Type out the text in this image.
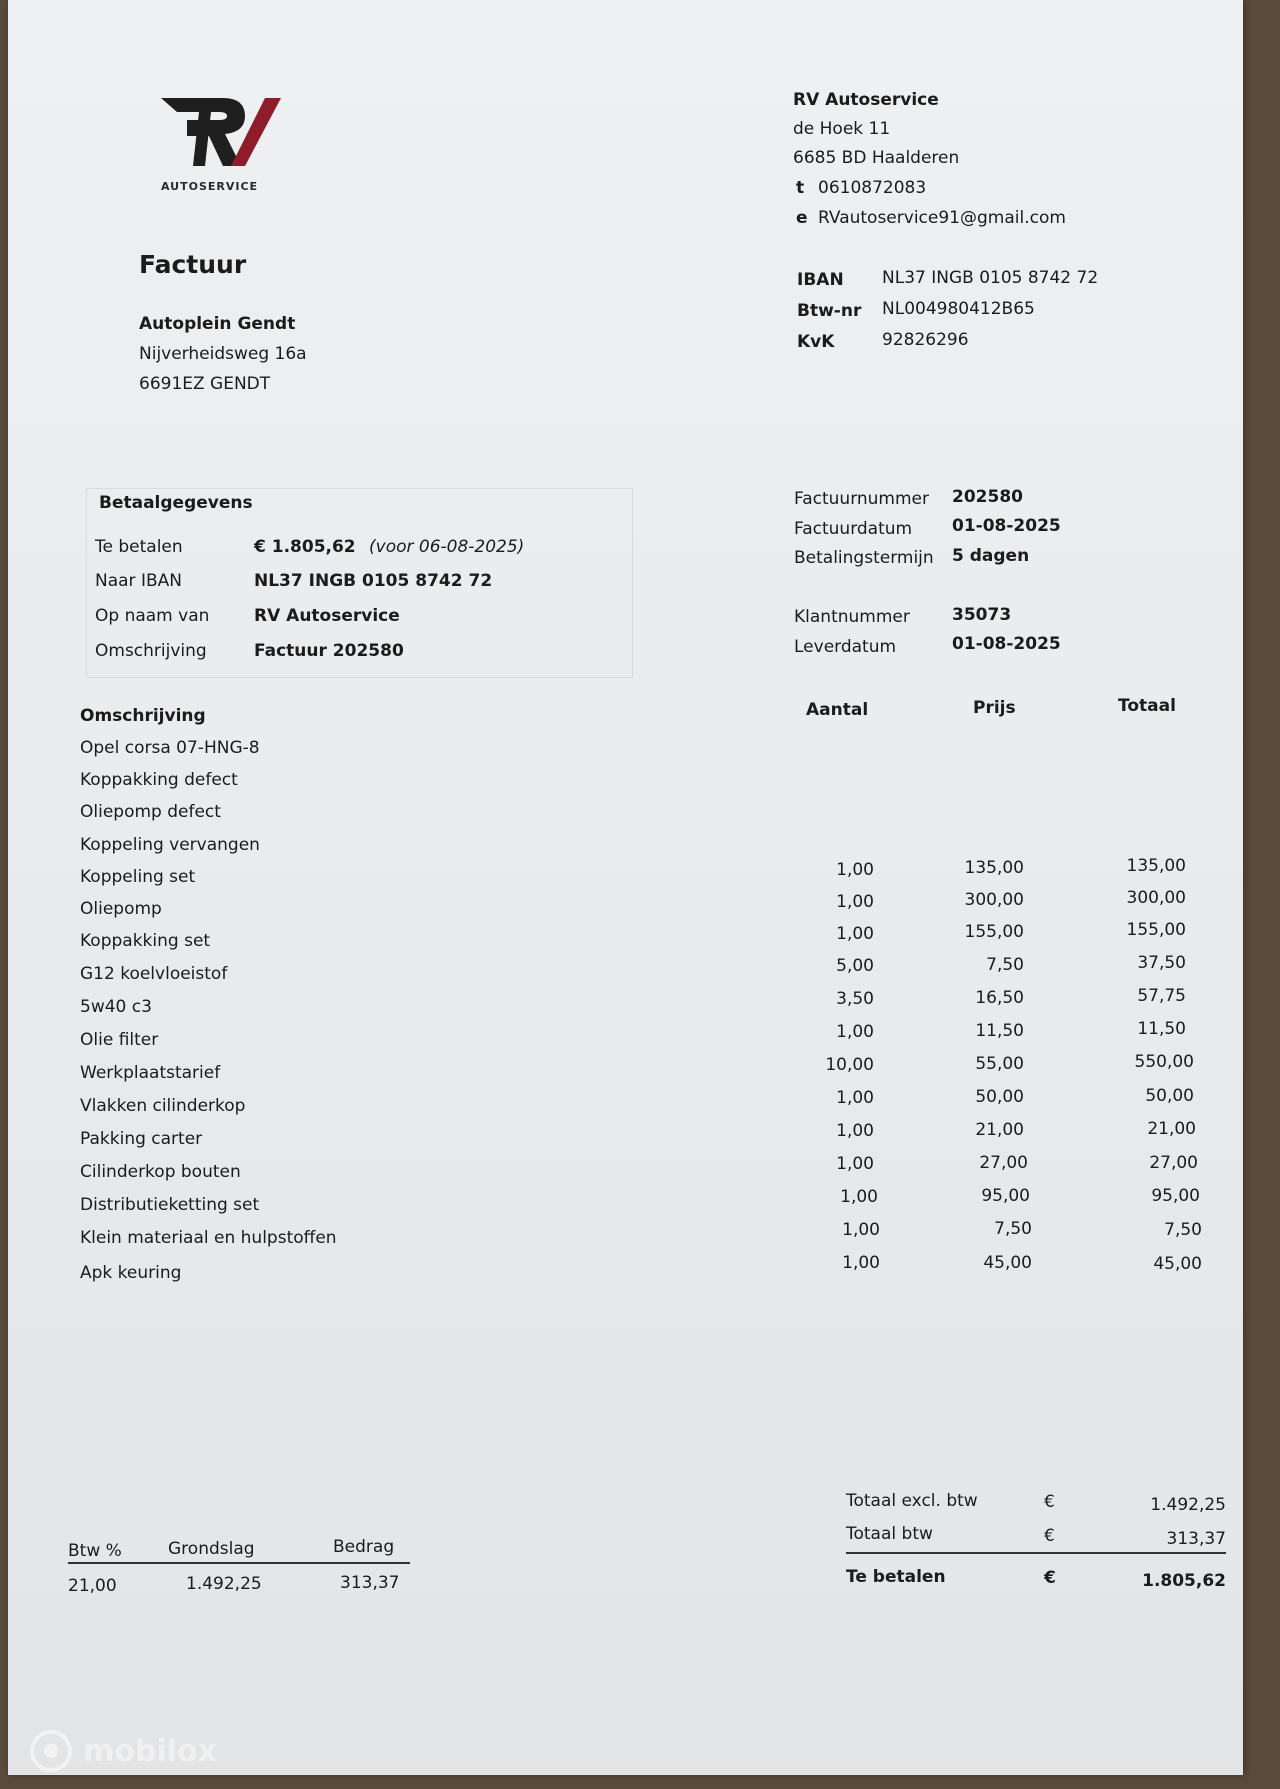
AUTOSERVICE
RV Autoservice
de Hoek 11
6685 BD Haalderen
t 0610872083
e RVautoservice91@gmail.com
IBAN NL37 INGB 0105 8742 72
Btw-nr NL004980412B65
KvK	92826296
Factuur
Autoplein Gendt
Nijverheidsweg 16a
6691EZ GENDT
Betaalgegevens
Te betalen	€ 1.805,62 (voor 06-08-2025)
Naar IBAN	NL37 INGB 0105 8742 72
Op naam van	RV Autoservice
Omschrijving	Factuur 202580
Factuurnummer 202580
Factuurdatum 01-08-2025
Betalingstermijn 5 dagen
Klantnummer 35073
Leverdatum	01-08-2025
Omschrijving	Aantal	Prijs	Totaal
Opel corsa 07-HNG-8
Koppakking defect
Oliepomp defect
Koppeling vervangen
Koppeling set	1,00	135,00	135,00
Oliepomp	1,00	300,00	300,00
Koppakking set	1,00	155,00	155,00
G12 koelvloeistof	5,00	7,50	37,50
5w40 c3	3,50	16,50	57,75
Olie filter	1,00	11,50	11,50
Werkplaatstarief	10,00	55,00	550,00
Vlakken cilinderkop	1,00	50,00	50,00
Pakking carter	1,00	21,00	21,00
Cilinderkop bouten	1,00	27,00	27,00
Distributieketting set	1,00	95,00	95,00
Klein materiaal en hulpstoffen	1,00	7,50	7,50
Apk keuring	1,00	45,00	45,00
Totaal excl. btw	€	1.492,25
Totaal btw	€	313,37
Te betalen	€	1.805,62
Btw %	Grondslag	Bedrag
21,00	1.492,25	313,37
mobilox
